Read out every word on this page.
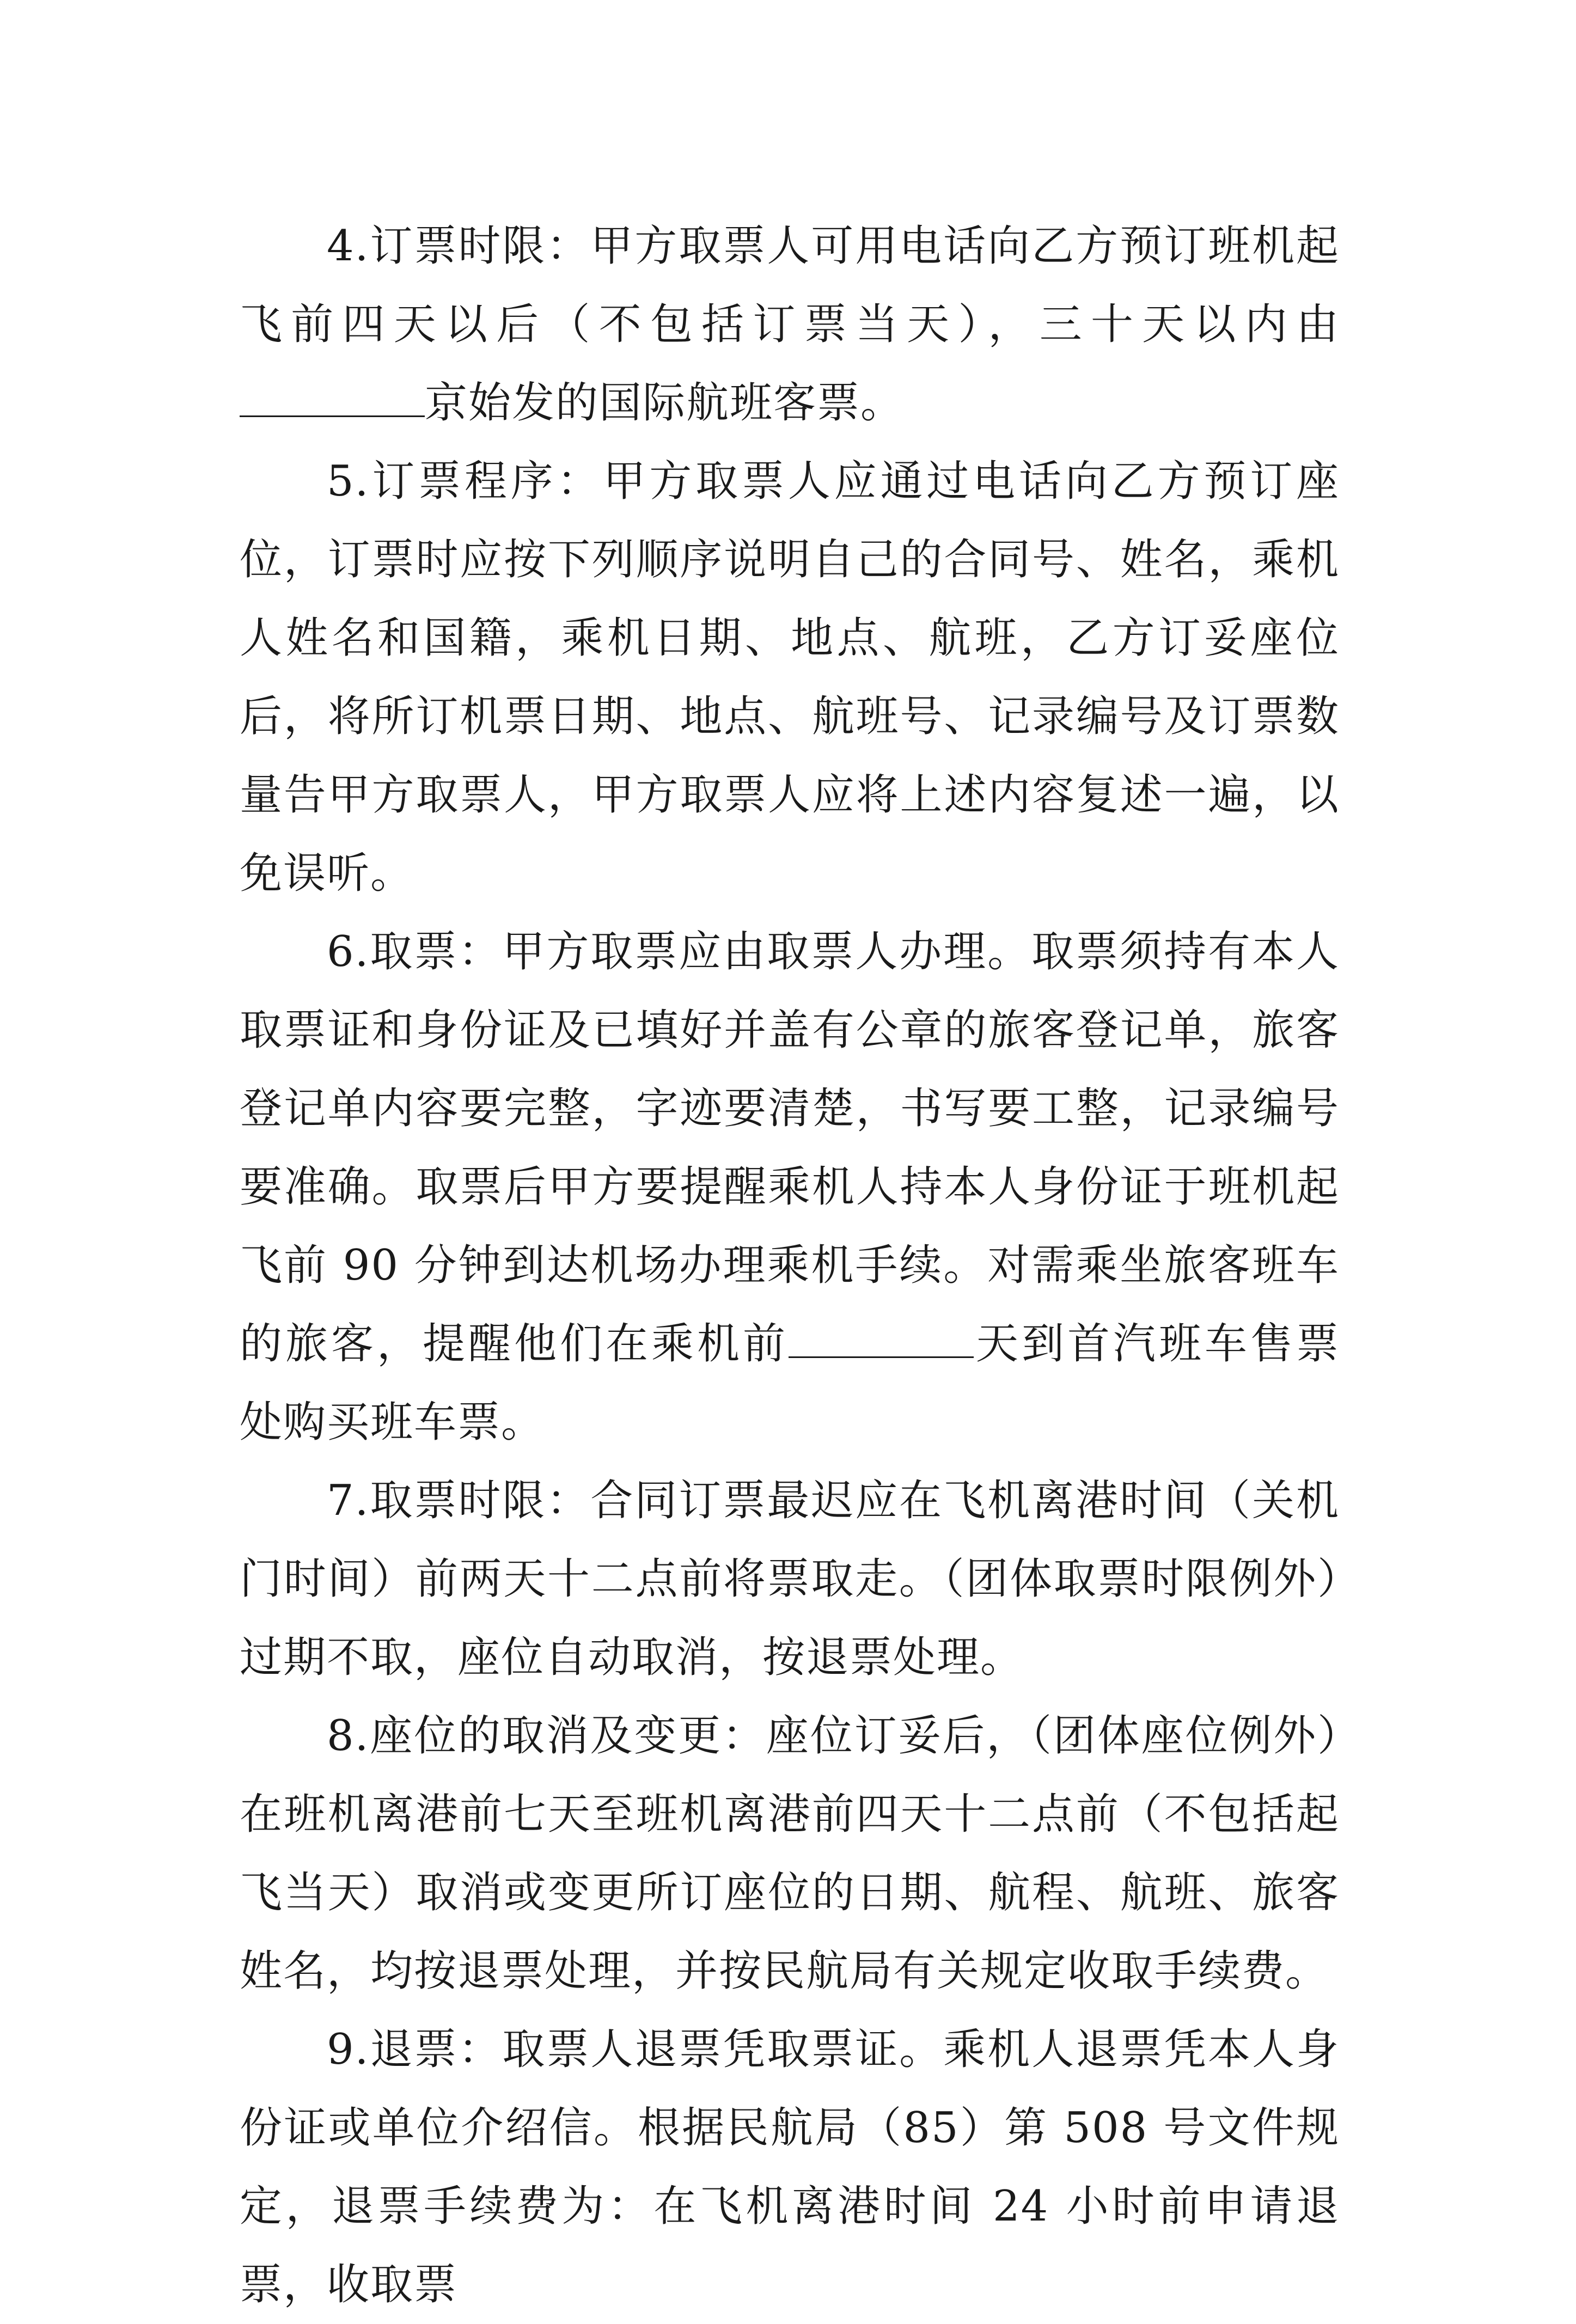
4.订票时限：甲方取票人可用电话向乙方预订班机起飞前四天以后（不包括订票当天），三十天以内由京始发的国际航班客票。

5.订票程序：甲方取票人应通过电话向乙方预订座位，订票时应按下列顺序说明自己的合同号、姓名，乘机人姓名和国籍，乘机日期、地点、航班，乙方订妥座位后，将所订机票日期、地点、航班号、记录编号及订票数量告甲方取票人，甲方取票人应将上述内容复述一遍，以免误听。

6.取票：甲方取票应由取票人办理。取票须持有本人取票证和身份证及已填好并盖有公章的旅客登记单，旅客登记单内容要完整，字迹要清楚，书写要工整，记录编号要准确。取票后甲方要提醒乘机人持本人身份证于班机起飞前 90 分钟到达机场办理乘机手续。对需乘坐旅客班车的旅客，提醒他们在乘机前	天到首汽班车售票处购买班车票。

7.取票时限：合同订票最迟应在飞机离港时间（关机门时间）前两天十二点前将票取走。（团体取票时限例外）过期不取，座位自动取消，按退票处理。

8.座位的取消及变更：座位订妥后，（团体座位例外）在班机离港前七天至班机离港前四天十二点前（不包括起飞当天）取消或变更所订座位的日期、航程、航班、旅客姓名，均按退票处理，并按民航局有关规定收取手续费。

9.退票：取票人退票凭取票证。乘机人退票凭本人身份证或单位介绍信。根据民航局（85）第 508 号文件规定，退票手续费为：在飞机离港时间 24 小时前申请退票，收取票
